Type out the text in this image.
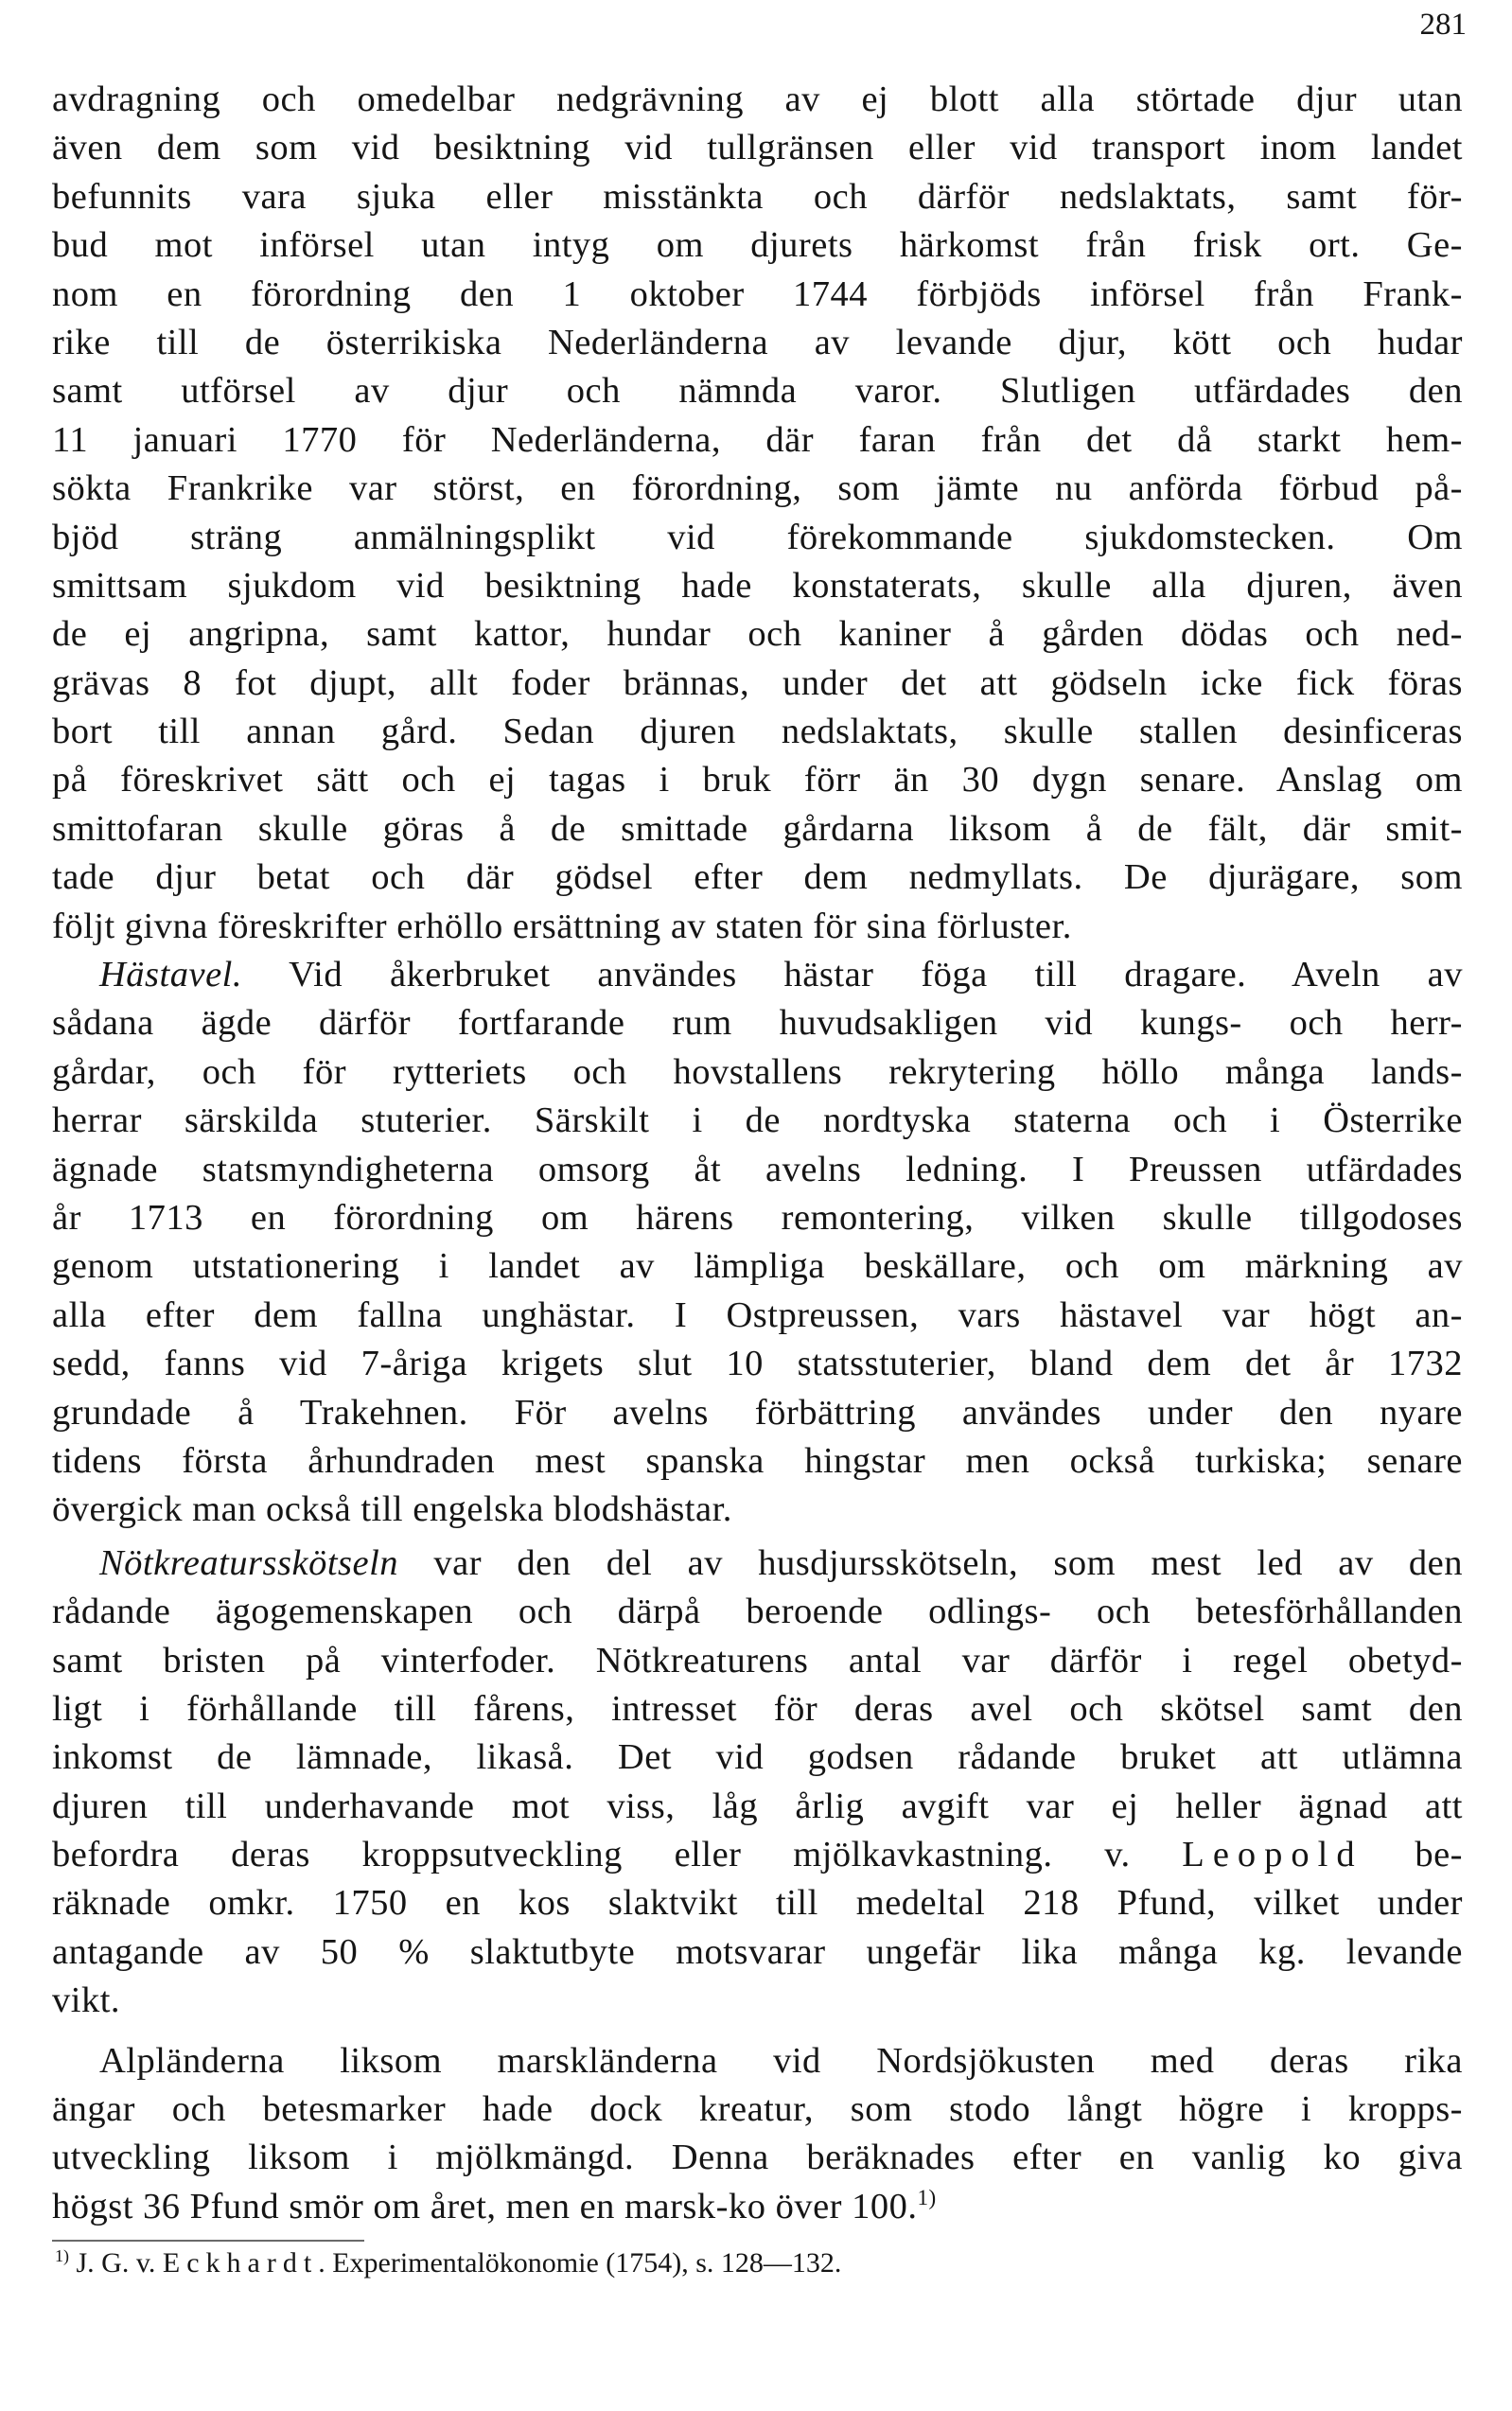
281
avdragning och omedelbar nedgrävning av ej blott alla störtade djur utan
även dem som vid besiktning vid tullgränsen eller vid transport inom landet
befunnits vara sjuka eller misstänkta och därför nedslaktats, samt för-
bud mot införsel utan intyg om djurets härkomst från frisk ort. Ge-
nom en förordning den 1 oktober 1744 förbjöds införsel från Frank-
rike till de österrikiska Nederländerna av levande djur, kött och hudar
samt utförsel av djur och nämnda varor. Slutligen utfärdades den
11 januari 1770 för Nederländerna, där faran från det då starkt hem-
sökta Frankrike var störst, en förordning, som jämte nu anförda förbud på-
bjöd sträng anmälningsplikt vid förekommande sjukdomstecken. Om
smittsam sjukdom vid besiktning hade konstaterats, skulle alla djuren, även
de ej angripna, samt kattor, hundar och kaniner å gården dödas och ned-
grävas 8 fot djupt, allt foder brännas, under det att gödseln icke fick föras
bort till annan gård. Sedan djuren nedslaktats, skulle stallen desinficeras
på föreskrivet sätt och ej tagas i bruk förr än 30 dygn senare. Anslag om
smittofaran skulle göras å de smittade gårdarna liksom å de fält, där smit-
tade djur betat och där gödsel efter dem nedmyllats. De djurägare, som
följt givna föreskrifter erhöllo ersättning av staten för sina förluster.
Hästavel. Vid åkerbruket användes hästar föga till dragare. Aveln av
sådana ägde därför fortfarande rum huvudsakligen vid kungs- och herr-
gårdar, och för rytteriets och hovstallens rekrytering höllo många lands-
herrar särskilda stuterier. Särskilt i de nordtyska staterna och i Österrike
ägnade statsmyndigheterna omsorg åt avelns ledning. I Preussen utfärdades
år 1713 en förordning om härens remontering, vilken skulle tillgodoses
genom utstationering i landet av lämpliga beskällare, och om märkning av
alla efter dem fallna unghästar. I Ostpreussen, vars hästavel var högt an-
sedd, fanns vid 7-åriga krigets slut 10 statsstuterier, bland dem det år 1732
grundade å Trakehnen. För avelns förbättring användes under den nyare
tidens första århundraden mest spanska hingstar men också turkiska; senare
övergick man också till engelska blodshästar.
Nötkreatursskötseln var den del av husdjursskötseln, som mest led av den
rådande ägogemenskapen och därpå beroende odlings- och betesförhållanden
samt bristen på vinterfoder. Nötkreaturens antal var därför i regel obetyd-
ligt i förhållande till fårens, intresset för deras avel och skötsel samt den
inkomst de lämnade, likaså. Det vid godsen rådande bruket att utlämna
djuren till underhavande mot viss, låg årlig avgift var ej heller ägnad att
befordra deras kroppsutveckling eller mjölkavkastning. v. Leopold be-
räknade omkr. 1750 en kos slaktvikt till medeltal 218 Pfund, vilket under
antagande av 50 % slaktutbyte motsvarar ungefär lika många kg. levande
vikt.
Alpländerna liksom marskländerna vid Nordsjökusten med deras rika
ängar och betesmarker hade dock kreatur, som stodo långt högre i kropps-
utveckling liksom i mjölkmängd. Denna beräknades efter en vanlig ko giva
högst 36 Pfund smör om året, men en marsk-ko över 100.$^{1)}$
$^{1)}$ J. G. v. Eckhardt. Experimentalökonomie (1754), s. 128—132.
